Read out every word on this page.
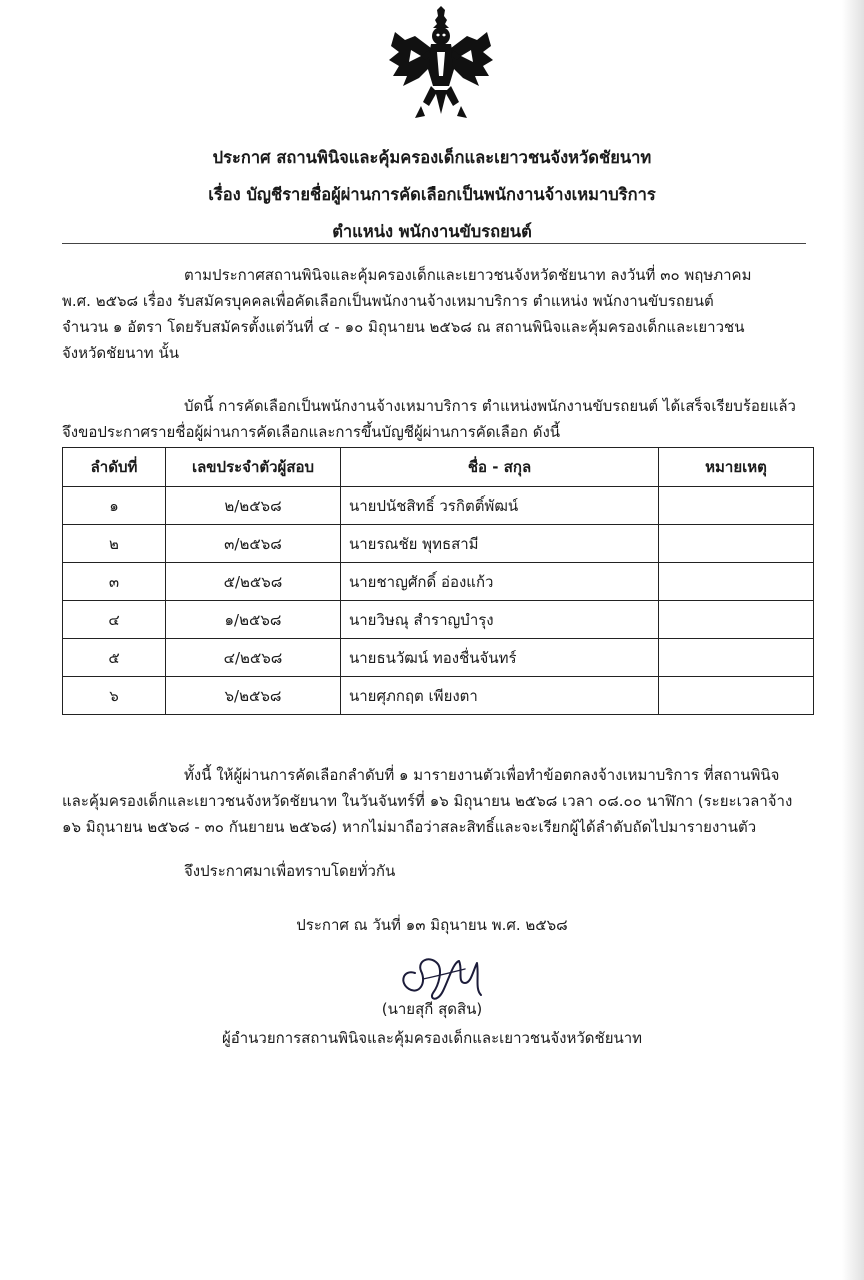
ประกาศ สถานพินิจและคุ้มครองเด็กและเยาวชนจังหวัดชัยนาท
เรื่อง บัญชีรายชื่อผู้ผ่านการคัดเลือกเป็นพนักงานจ้างเหมาบริการ
ตำแหน่ง พนักงานขับรถยนต์
ตามประกาศสถานพินิจและคุ้มครองเด็กและเยาวชนจังหวัดชัยนาท ลงวันที่ ๓๐ พฤษภาคม
พ.ศ. ๒๕๖๘ เรื่อง รับสมัครบุคคลเพื่อคัดเลือกเป็นพนักงานจ้างเหมาบริการ ตำแหน่ง พนักงานขับรถยนต์
จำนวน ๑ อัตรา โดยรับสมัครตั้งแต่วันที่ ๔ - ๑๐ มิถุนายน ๒๕๖๘ ณ สถานพินิจและคุ้มครองเด็กและเยาวชน
จังหวัดชัยนาท นั้น
บัดนี้ การคัดเลือกเป็นพนักงานจ้างเหมาบริการ ตำแหน่งพนักงานขับรถยนต์ ได้เสร็จเรียบร้อยแล้ว
จึงขอประกาศรายชื่อผู้ผ่านการคัดเลือกและการขึ้นบัญชีผู้ผ่านการคัดเลือก ดังนี้
ลำดับที่	เลขประจำตัวผู้สอบ	ชื่อ - สกุล	หมายเหตุ
๑	๒/๒๕๖๘	นายปนัชสิทธิ์ วรกิตติ์พัฒน์	
๒	๓/๒๕๖๘	นายรณชัย พุทธสามี	
๓	๕/๒๕๖๘	นายชาญศักดิ์ อ่องแก้ว	
๔	๑/๒๕๖๘	นายวิษณุ สำราญบำรุง	
๕	๔/๒๕๖๘	นายธนวัฒน์ ทองชื่นจันทร์	
๖	๖/๒๕๖๘	นายศุภกฤต เพียงตา	
ทั้งนี้ ให้ผู้ผ่านการคัดเลือกลำดับที่ ๑ มารายงานตัวเพื่อทำข้อตกลงจ้างเหมาบริการ ที่สถานพินิจ
และคุ้มครองเด็กและเยาวชนจังหวัดชัยนาท ในวันจันทร์ที่ ๑๖ มิถุนายน ๒๕๖๘ เวลา ๐๘.๐๐ นาฬิกา (ระยะเวลาจ้าง
๑๖ มิถุนายน ๒๕๖๘ - ๓๐ กันยายน ๒๕๖๘) หากไม่มาถือว่าสละสิทธิ์และจะเรียกผู้ได้ลำดับถัดไปมารายงานตัว
จึงประกาศมาเพื่อทราบโดยทั่วกัน
ประกาศ ณ วันที่ ๑๓ มิถุนายน พ.ศ. ๒๕๖๘
(นายสุกี สุดสิน)
ผู้อำนวยการสถานพินิจและคุ้มครองเด็กและเยาวชนจังหวัดชัยนาท
